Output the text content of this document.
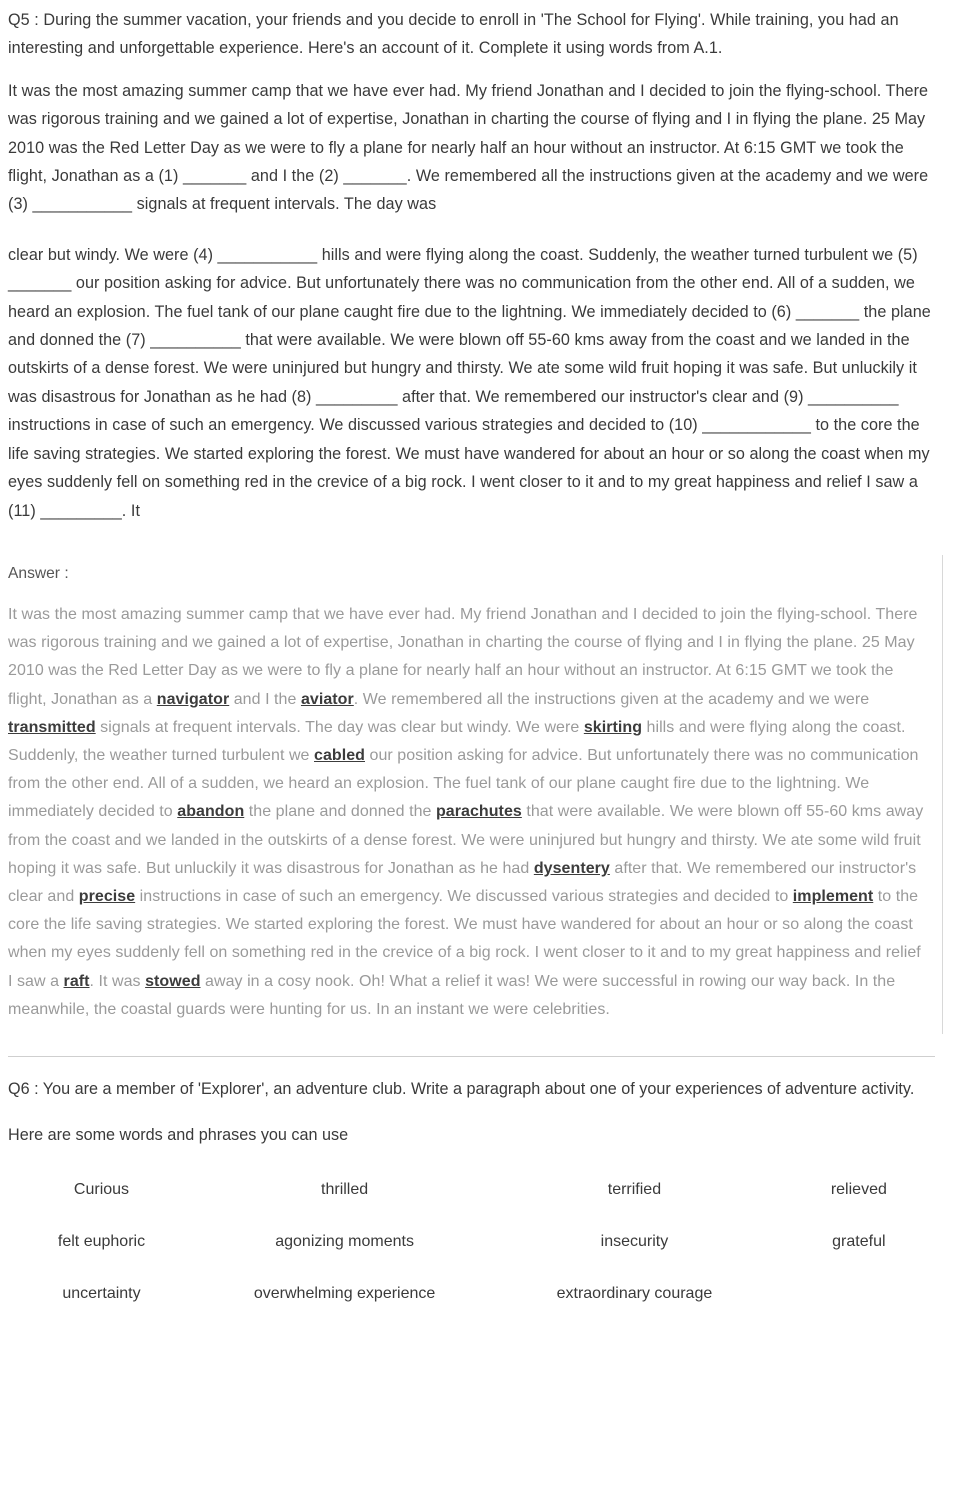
Q5 : During the summer vacation, your friends and you decide to enroll in 'The School for Flying'. While training, you had an interesting and unforgettable experience. Here's an account of it. Complete it using words from A.1.

It was the most amazing summer camp that we have ever had. My friend Jonathan and I decided to join the flying-school. There was rigorous training and we gained a lot of expertise, Jonathan in charting the course of flying and I in flying the plane. 25 May 2010 was the Red Letter Day as we were to fly a plane for nearly half an hour without an instructor. At 6:15 GMT we took the flight, Jonathan as a (1) _______ and I the (2) _______. We remembered all the instructions given at the academy and we were (3) ___________ signals at frequent intervals. The day was

clear but windy. We were (4) ___________ hills and were flying along the coast. Suddenly, the weather turned turbulent we (5) _______ our position asking for advice. But unfortunately there was no communication from the other end. All of a sudden, we heard an explosion. The fuel tank of our plane caught fire due to the lightning. We immediately decided to (6) _______ the plane and donned the (7) __________ that were available. We were blown off 55-60 kms away from the coast and we landed in the outskirts of a dense forest. We were uninjured but hungry and thirsty. We ate some wild fruit hoping it was safe. But unluckily it was disastrous for Jonathan as he had (8) _________ after that. We remembered our instructor's clear and (9) __________ instructions in case of such an emergency. We discussed various strategies and decided to (10) ____________ to the core the life saving strategies. We started exploring the forest. We must have wandered for about an hour or so along the coast when my eyes suddenly fell on something red in the crevice of a big rock. I went closer to it and to my great happiness and relief I saw a (11) _________. It

Answer :

It was the most amazing summer camp that we have ever had. My friend Jonathan and I decided to join the flying-school. There was rigorous training and we gained a lot of expertise, Jonathan in charting the course of flying and I in flying the plane. 25 May 2010 was the Red Letter Day as we were to fly a plane for nearly half an hour without an instructor. At 6:15 GMT we took the flight, Jonathan as a navigator and I the aviator. We remembered all the instructions given at the academy and we were transmitted signals at frequent intervals. The day was clear but windy. We were skirting hills and were flying along the coast. Suddenly, the weather turned turbulent we cabled our position asking for advice. But unfortunately there was no communication from the other end. All of a sudden, we heard an explosion. The fuel tank of our plane caught fire due to the lightning. We immediately decided to abandon the plane and donned the parachutes that were available. We were blown off 55-60 kms away from the coast and we landed in the outskirts of a dense forest. We were uninjured but hungry and thirsty. We ate some wild fruit hoping it was safe. But unluckily it was disastrous for Jonathan as he had dysentery after that. We remembered our instructor's clear and precise instructions in case of such an emergency. We discussed various strategies and decided to implement to the core the life saving strategies. We started exploring the forest. We must have wandered for about an hour or so along the coast when my eyes suddenly fell on something red in the crevice of a big rock. I went closer to it and to my great happiness and relief I saw a raft. It was stowed away in a cosy nook. Oh! What a relief it was! We were successful in rowing our way back. In the meanwhile, the coastal guards were hunting for us. In an instant we were celebrities.

Q6 : You are a member of 'Explorer', an adventure club. Write a paragraph about one of your experiences of adventure activity.

Here are some words and phrases you can use

Curious	thrilled	terrified	relieved
felt euphoric	agonizing moments	insecurity	grateful
uncertainty	overwhelming experience	extraordinary courage	
